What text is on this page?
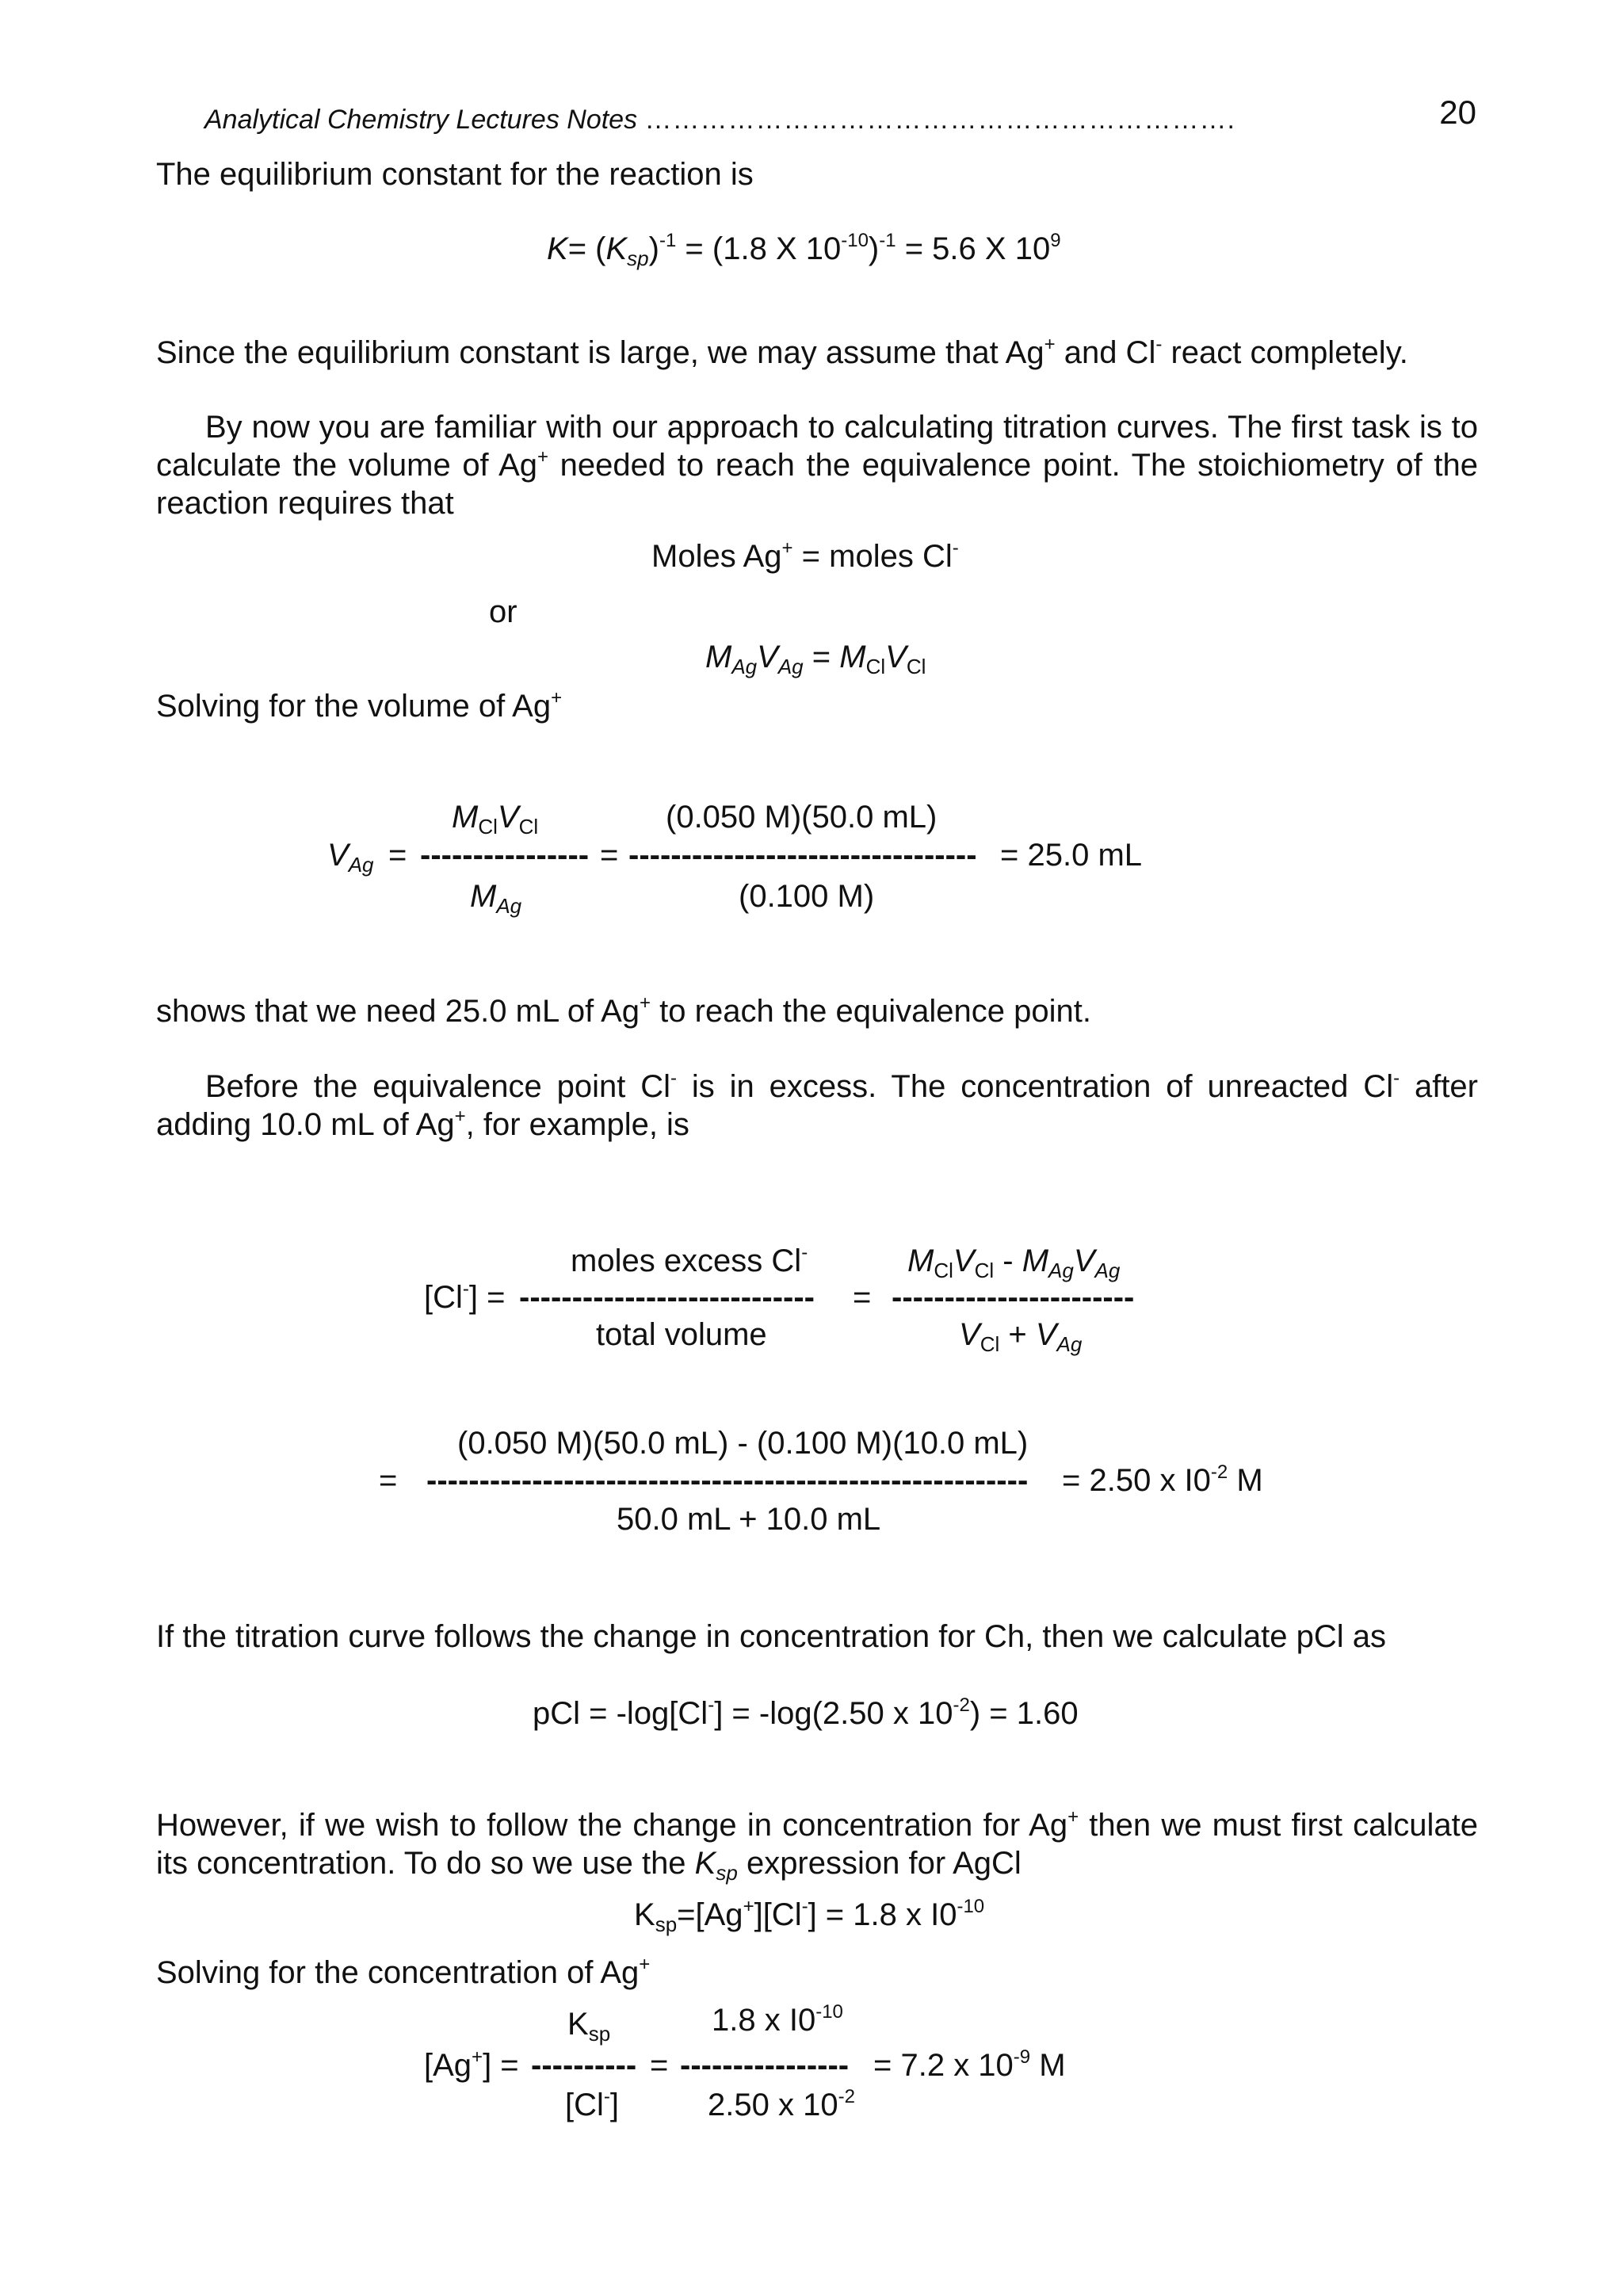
Analytical Chemistry Lectures Notes ……………………………………………………….	20
The equilibrium constant for the reaction is
$K= (K_{sp})^{-1} = (1.8$ X $10^{-10})^{-1} = 5.6$ X $10^9$
Since the equilibrium constant is large, we may assume that Ag+ and Cl- react completely.

By now you are familiar with our approach to calculating titration curves. The first task is to calculate the volume of Ag+ needed to reach the equivalence point. The stoichiometry of the reaction requires that

Moles Ag+ = moles Cl-
or
$M_{Ag}V_{Ag} = M_{Cl}V_{Cl}$
Solving for the volume of Ag+
$M_{Cl}V_{Cl}$	(0.050 M)(50.0 mL)
$V_{Ag}$ = ---------------- = --------------------------------- = 25.0 mL
$M_{Ag}$	(0.100 M)
shows that we need 25.0 mL of Ag+ to reach the equivalence point.

Before the equivalence point Cl- is in excess. The concentration of unreacted Cl- after adding 10.0 mL of Ag+, for example, is

moles excess Cl-	$M_{Cl}V_{Cl} - M_{Ag}V_{Ag}$
[Cl-] = ---------------------------- = -----------------------
total volume	$V_{Cl} + V_{Ag}$
(0.050 M)(50.0 mL) - (0.100 M)(10.0 mL)
= --------------------------------------------------------- = 2.50 x $I0^{-2}$ M
50.0 mL + 10.0 mL
If the titration curve follows the change in concentration for Ch, then we calculate pCl as
pCl = -log[Cl-] = -log(2.50 x $10^{-2}) = 1.60$

However, if we wish to follow the change in concentration for Ag+ then we must first calculate its concentration. To do so we use the $K_{sp}$ expression for AgCl

$K_{sp}=[Ag^+][Cl^-] = 1.8$ x $I0^{-10}$
Solving for the concentration of Ag+
$K_{sp}$	1.8 x $I0^{-10}$
[Ag+] = ---------- = ---------------- = 7.2 x $10^{-9}$ M
[Cl-]	2.50 x $10^{-2}$
